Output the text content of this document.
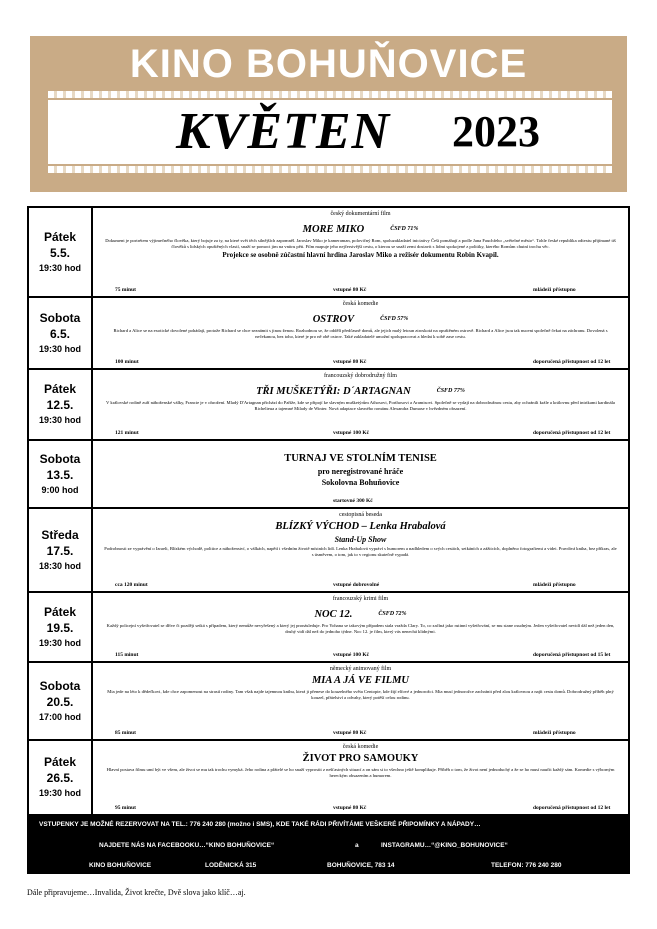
KINO BOHUŇOVICE
KVĚTEN 2023
Pátek
5.5.
19:30 hod
český dokumentární film
MORE MIKO	ČSFD 71%
Dokument je portrétem výjimečného člověka, který bojuje za ty, na které svět těch silnějších zapomněl. Jaroslav Miko je kameraman, polovičný Rom, spoluzakladatel iniciativy Češi pomáhají a podle Jana Fauchfeho „světelné město“. Tohle české republika odtextu přijímané tiš člověků s lidských opuštěných vlastí, snaží se pomoct jim na vnitru pěti. Film mapuje jeho nejčerstvější cestu, o kterou se snaží zemi dostavit s lidmi spokojené z politiky, kterého Romům chutní trochu věc.
Projekce se osobně zúčastní hlavní hrdina Jaroslav Miko a režisér dokumentu Robin Kvapil.
75 minut	vstupné 80 Kč	mládeži přístupno
Sobota
6.5.
19:30 hod
česká komedie
OSTROV	ČSFD 57%
Richard a Alice se na exotické dovolené pohádají, protože Richard se chce seznámit s jinou ženou. Rozhodnou se, že oddělí předčasně domů, ale jejich malý letoun ztroskotá na opuštěném ostrově. Richard a Alice jsou tak nuceni společně čekat na záchranu. Dovolená s nečekanou, bez toho, které je pro ně obě ostrov. Také zakladatelé umožní spolupracovat a hledat k sobě zase cestu.
100 minut	vstupné 80 Kč	doporučená přístupnost od 12 let
Pátek
12.5.
19:30 hod
francouzský dobrodružný film
TŘI MUŠKETÝŘI: D´ARTAGNAN	ČSFD 77%
V královské rodině zuří náboženské války, Francie je v ohrožení. Mladý D'Artagnan přichází do Paříže, kde se připojí ke slavným mušketýrům Athosovi, Porthosovi a Aramisovi. Společně se vydají na dobrodružnou cestu, aby ochránili krále a královnu před intrikami kardinála Richelieua a tajemné Milady de Winter. Nová adaptace slavného románu Alexandra Dumase v hvězdném obsazení.
121 minut	vstupné 100 Kč	doporučená přístupnost od 12 let
Sobota
13.5.
9:00 hod
TURNAJ VE STOLNÍM TENISE
pro neregistrované hráče
Sokolovna Bohuňovice
startovné 300 Kč
Středa
17.5.
18:30 hod
cestopisná beseda
BLÍZKÝ VÝCHOD – Lenka Hrabalová
Stand-Up Show
Podrobnosti ze vyprávění o Izraeli, Blízkém východě, politice a náboženství, o válkách, napětí i všedním životě místních lidí. Lenka Hrabalová vypráví s humorem a nadhledem o svých cestách, setkáních a zážitcích, doplněno fotografiemi a videi. Pravdivá kniha, bez příkras, ale s úsměvem, o tom, jak to v regionu skutečně vypadá.
cca 120 minut	vstupné dobrovolné	mládeži přístupno
Pátek
19.5.
19:30 hod
francouzský krimi film
NOC 12.	ČSFD 72%
Každý policejní vyšetřovatel se dříve či později setká s případem, který nemůže nevyřešený a který jej pronásleduje. Pro Yohana se takovým případem stala vražda Clary. To, co začíná jako rutinní vyšetřování, se mu stane osudným. Jeden vyšetřovatel nevidí dál než jeden den, druhý vidí dál než do jednoho týdne. Noc 12. je film, který vás nenechá klidnými.
115 minut	vstupné 100 Kč	doporučená přístupnost od 15 let
Sobota
20.5.
17:00 hod
německý animovaný film
MIA A JÁ VE FILMU
Mia jede na léto k dědečkovi, kde chce zapomenout na strastí rodiny. Tam však najde tajemnou knihu, která ji přenese do kouzelného světa Centopie, kde žijí elfové a jednorožci. Mia musí jednorožce zachránit před zlou královnou a najít cestu domů. Dobrodružný příběh plný kouzel, přátelství a odvahy, který potěší celou rodinu.
85 minut	vstupné 80 Kč	mládeži přístupno
Pátek
26.5.
19:30 hod
česká komedie
ŽIVOT PRO SAMOUKY
Hlavní postava filmu umí být ve všem, ale život se mu tak trochu vymyká. Jeho rodina a přátelé se ho snaží vyprostit z nešťastných situací a on sám si to všechno ještě komplikuje. Příběh o tom, že život není jednoduchý a že se ho musí naučit každý sám. Komedie s výborným hereckým obsazením a humorem.
95 minut	vstupné 80 Kč	doporučená přístupnost od 12 let
VSTUPENKY JE MOŽNÉ REZERVOVAT NA TEL.: 776 240 280 (možno i SMS), KDE TAKÉ RÁDI PŘIVÍTÁME VEŠKERÉ PŘIPOMÍNKY A NÁPADY…
NAJDETE NÁS NA FACEBOOKU…“KINO BOHUŇOVICE“	a	INSTAGRAMU…“@KINO_BOHUNOVICE“
KINO BOHUŇOVICE	LODĚNICKÁ 315	BOHUŇOVICE, 783 14	TELEFON: 776 240 280
Dále připravujeme…Invalida, Život krečte, Dvě slova jako klíč…aj.
